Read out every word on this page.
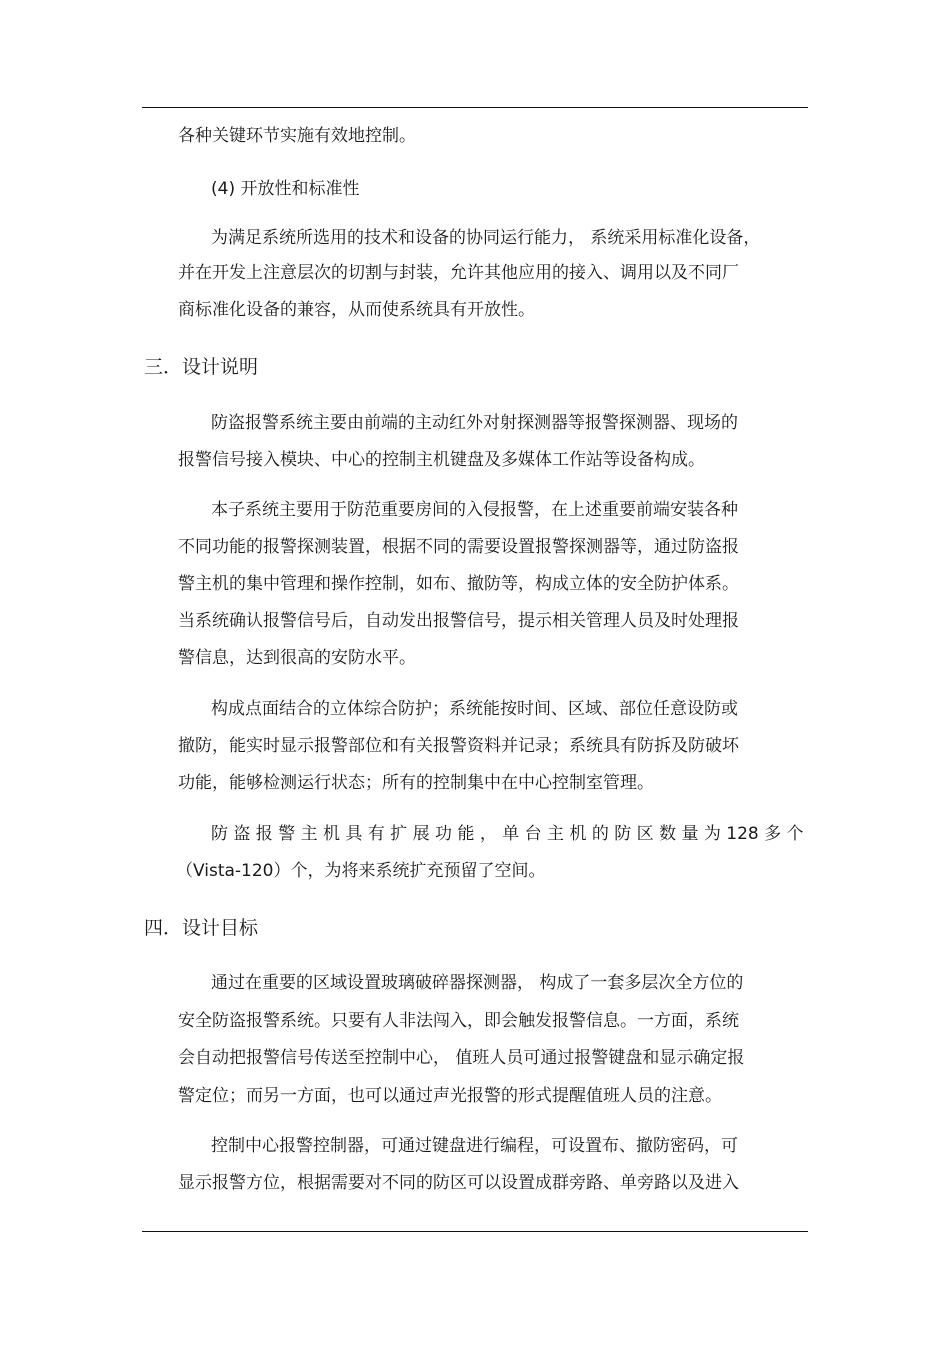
各种关键环节实施有效地控制。
(4) 开放性和标准性
为满足系统所选用的技术和设备的协同运行能力， 系统采用标准化设备，
并在开发上注意层次的切割与封装，允许其他应用的接入、调用以及不同厂
商标准化设备的兼容，从而使系统具有开放性。
三．设计说明
防盗报警系统主要由前端的主动红外对射探测器等报警探测器、现场的
报警信号接入模块、中心的控制主机键盘及多媒体工作站等设备构成。
本子系统主要用于防范重要房间的入侵报警，在上述重要前端安装各种
不同功能的报警探测装置，根据不同的需要设置报警探测器等，通过防盗报
警主机的集中管理和操作控制，如布、撤防等，构成立体的安全防护体系。
当系统确认报警信号后，自动发出报警信号，提示相关管理人员及时处理报
警信息，达到很高的安防水平。
构成点面结合的立体综合防护；系统能按时间、区域、部位任意设防或
撤防，能实时显示报警部位和有关报警资料并记录；系统具有防拆及防破坏
功能，能够检测运行状态；所有的控制集中在中心控制室管理。
防 盗 报 警 主 机 具 有 扩 展 功 能 ， 单 台 主 机 的 防 区 数 量 为 128 多 个
（Vista-120）个，为将来系统扩充预留了空间。
四．设计目标
通过在重要的区域设置玻璃破碎器探测器， 构成了一套多层次全方位的
安全防盗报警系统。只要有人非法闯入，即会触发报警信息。一方面，系统
会自动把报警信号传送至控制中心， 值班人员可通过报警键盘和显示确定报
警定位；而另一方面，也可以通过声光报警的形式提醒值班人员的注意。
控制中心报警控制器，可通过键盘进行编程，可设置布、撤防密码，可
显示报警方位，根据需要对不同的防区可以设置成群旁路、单旁路以及进入
